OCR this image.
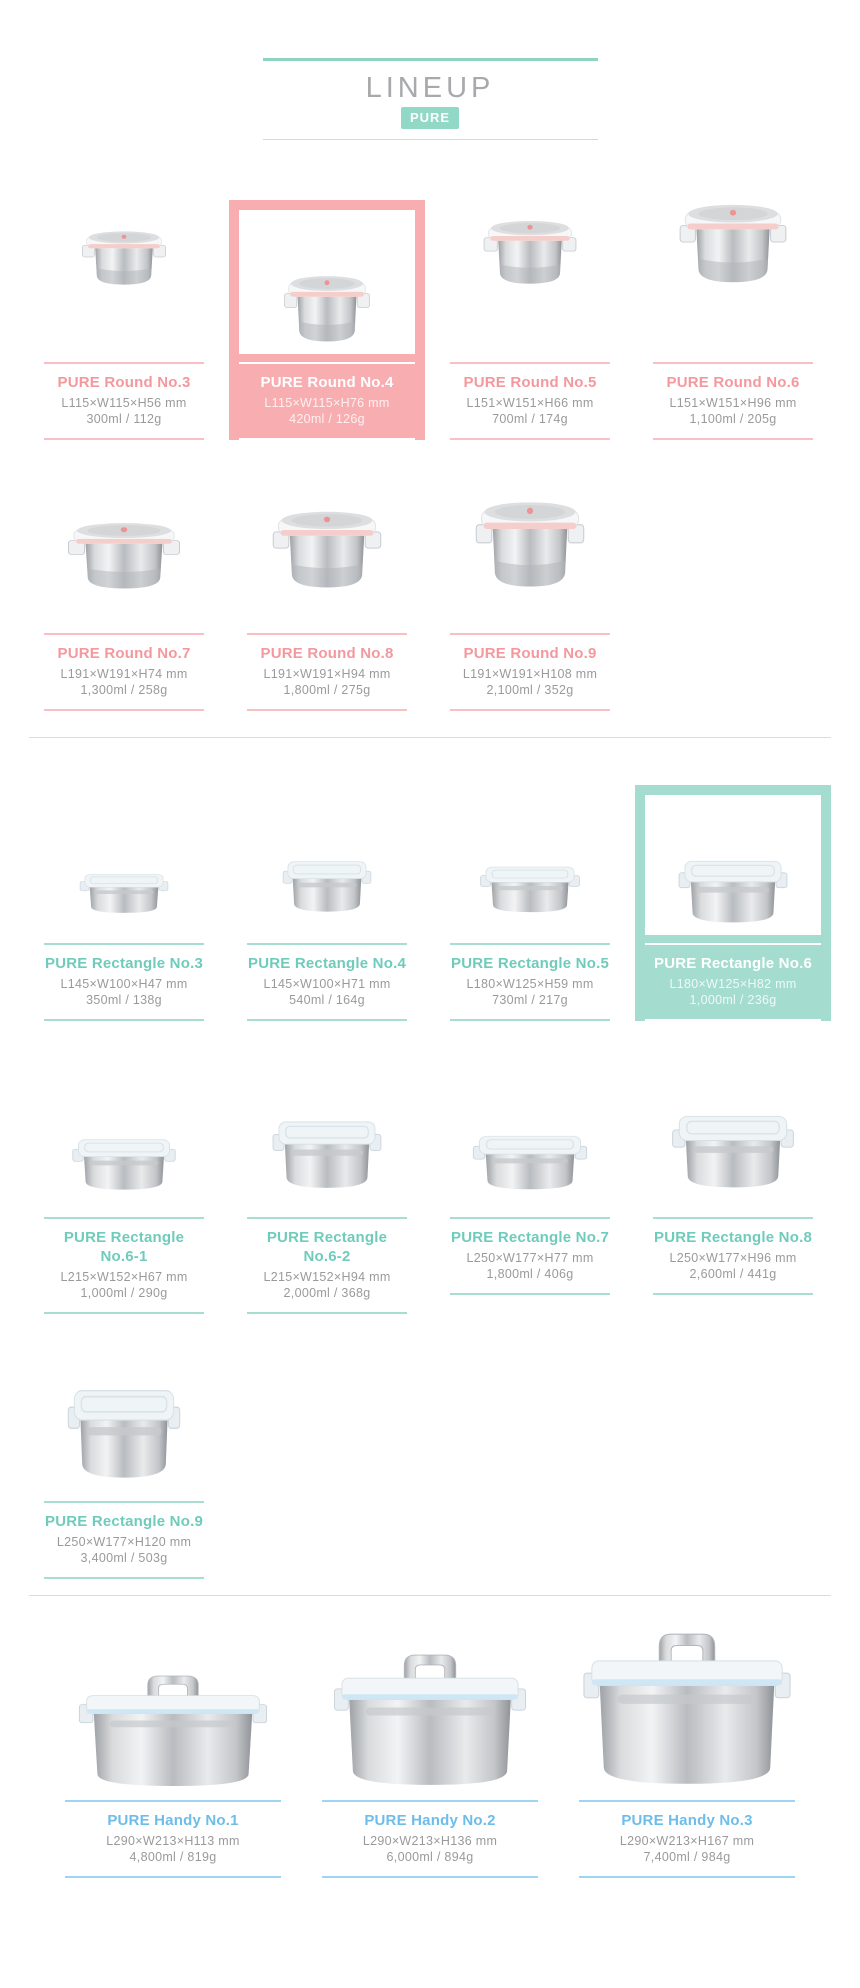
LINEUP
PURE
PURE Round No.3
L115×W115×H56 mm
300ml / 112g
PURE Round No.4
L115×W115×H76 mm
420ml / 126g
PURE Round No.5
L151×W151×H66 mm
700ml / 174g
PURE Round No.6
L151×W151×H96 mm
1,100ml / 205g
PURE Round No.7
L191×W191×H74 mm
1,300ml / 258g
PURE Round No.8
L191×W191×H94 mm
1,800ml / 275g
PURE Round No.9
L191×W191×H108 mm
2,100ml / 352g
PURE Rectangle No.3
L145×W100×H47 mm
350ml / 138g
PURE Rectangle No.4
L145×W100×H71 mm
540ml / 164g
PURE Rectangle No.5
L180×W125×H59 mm
730ml / 217g
PURE Rectangle No.6
L180×W125×H82 mm
1,000ml / 236g
PURE Rectangle No.6-1
L215×W152×H67 mm
1,000ml / 290g
PURE Rectangle No.6-2
L215×W152×H94 mm
2,000ml / 368g
PURE Rectangle No.7
L250×W177×H77 mm
1,800ml / 406g
PURE Rectangle No.8
L250×W177×H96 mm
2,600ml / 441g
PURE Rectangle No.9
L250×W177×H120 mm
3,400ml / 503g
PURE Handy No.1
L290×W213×H113 mm
4,800ml / 819g
PURE Handy No.2
L290×W213×H136 mm
6,000ml / 894g
PURE Handy No.3
L290×W213×H167 mm
7,400ml / 984g
